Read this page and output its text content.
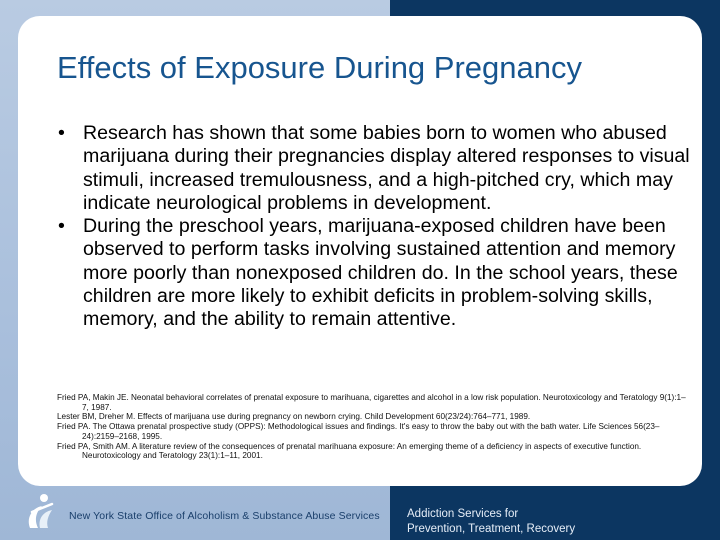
Effects of Exposure During Pregnancy
• Research has shown that some babies born to women who abused marijuana during their pregnancies display altered responses to visual stimuli, increased tremulousness, and a high-pitched cry, which may indicate neurological problems in development.
• During the preschool years, marijuana-exposed children have been observed to perform tasks involving sustained attention and memory more poorly than nonexposed children do. In the school years, these children are more likely to exhibit deficits in problem-solving skills, memory, and the ability to remain attentive.
Fried PA, Makin JE. Neonatal behavioral correlates of prenatal exposure to marihuana, cigarettes and alcohol in a low risk population. Neurotoxicology and Teratology 9(1):1–7, 1987.
Lester BM, Dreher M. Effects of marijuana use during pregnancy on newborn crying. Child Development 60(23/24):764–771, 1989.
Fried PA. The Ottawa prenatal prospective study (OPPS): Methodological issues and findings. It's easy to throw the baby out with the bath water. Life Sciences 56(23–24):2159–2168, 1995.
Fried PA, Smith AM. A literature review of the consequences of prenatal marihuana exposure: An emerging theme of a deficiency in aspects of executive function. Neurotoxicology and Teratology 23(1):1–11, 2001.
New York State Office of Alcoholism & Substance Abuse Services Addiction Services for
Prevention, Treatment, Recovery
